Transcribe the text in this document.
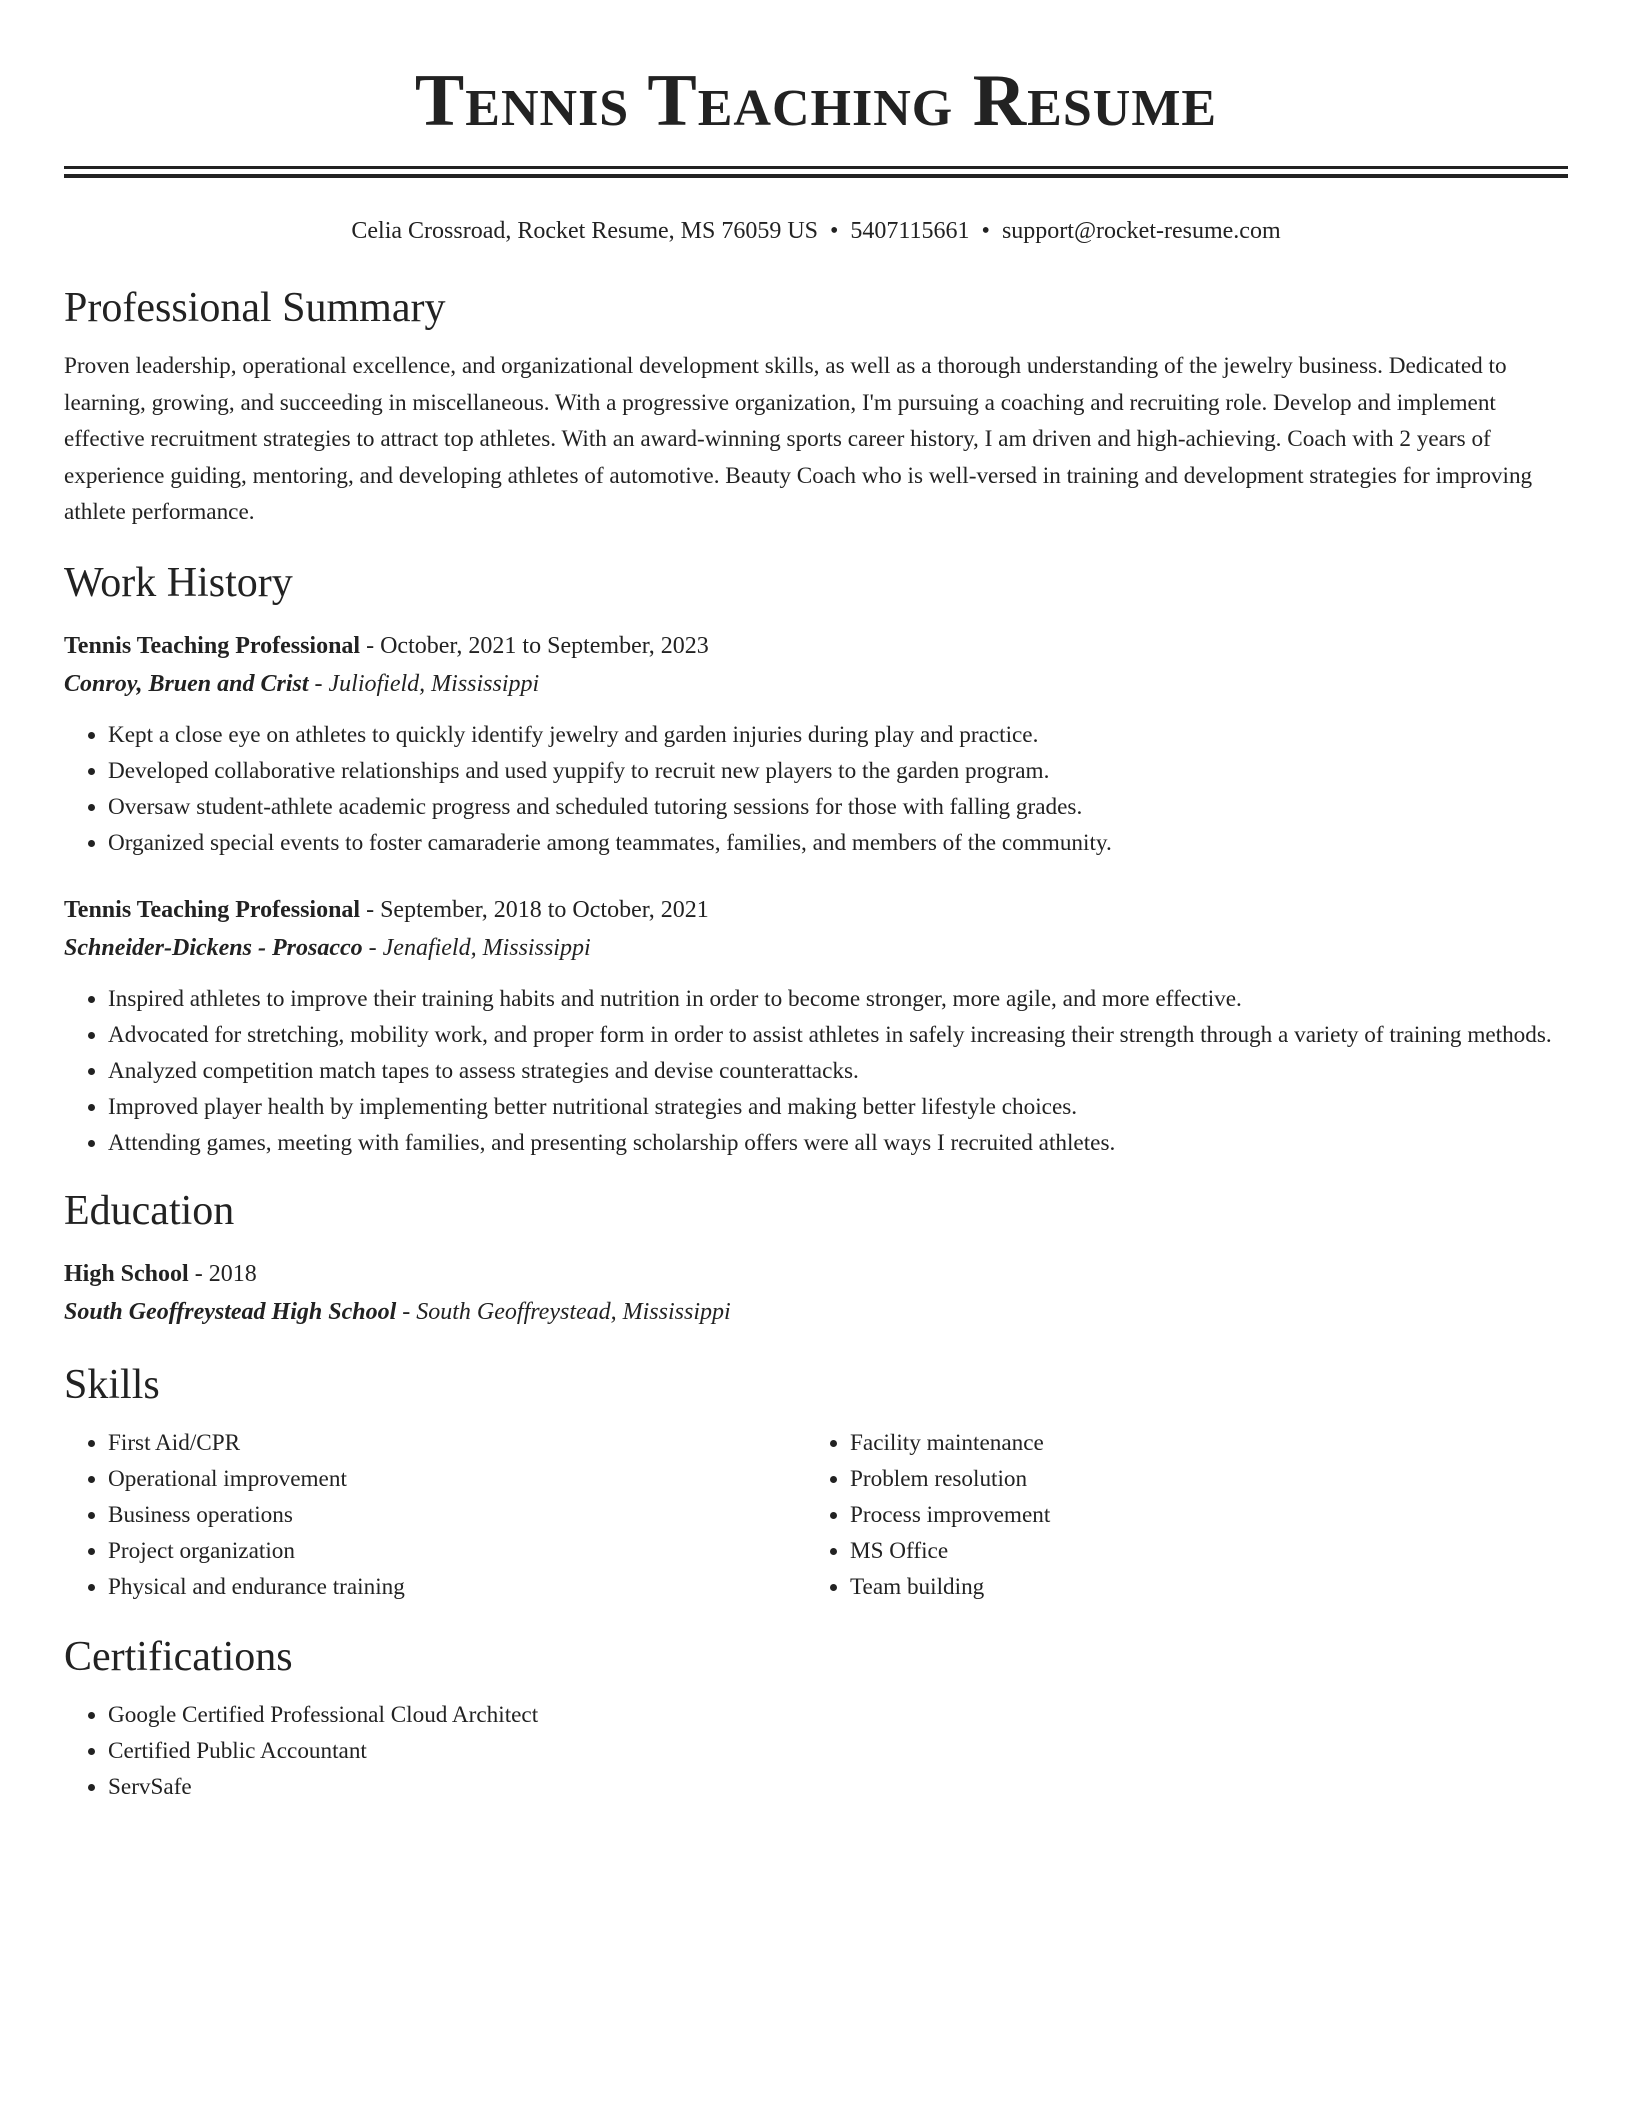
Tennis Teaching Resume
Celia Crossroad, Rocket Resume, MS 76059 US • 5407115661 • support@rocket-resume.com
Professional Summary

Proven leadership, operational excellence, and organizational development skills, as well as a thorough understanding of the jewelry business. Dedicated to learning, growing, and succeeding in miscellaneous. With a progressive organization, I'm pursuing a coaching and recruiting role. Develop and implement effective recruitment strategies to attract top athletes. With an award-winning sports career history, I am driven and high-achieving. Coach with 2 years of experience guiding, mentoring, and developing athletes of automotive. Beauty Coach who is well-versed in training and development strategies for improving athlete performance.

Work History
Tennis Teaching Professional - October, 2021 to September, 2023
Conroy, Bruen and Crist - Juliofield, Mississippi
• Kept a close eye on athletes to quickly identify jewelry and garden injuries during play and practice.
• Developed collaborative relationships and used yuppify to recruit new players to the garden program.
• Oversaw student-athlete academic progress and scheduled tutoring sessions for those with falling grades.
• Organized special events to foster camaraderie among teammates, families, and members of the community.
Tennis Teaching Professional - September, 2018 to October, 2021
Schneider-Dickens - Prosacco - Jenafield, Mississippi
• Inspired athletes to improve their training habits and nutrition in order to become stronger, more agile, and more effective.
• Advocated for stretching, mobility work, and proper form in order to assist athletes in safely increasing their strength through a variety of training methods.
• Analyzed competition match tapes to assess strategies and devise counterattacks.
• Improved player health by implementing better nutritional strategies and making better lifestyle choices.
• Attending games, meeting with families, and presenting scholarship offers were all ways I recruited athletes.
Education
High School - 2018
South Geoffreystead High School - South Geoffreystead, Mississippi
Skills
• First Aid/CPR
• Operational improvement
• Business operations
• Project organization
• Physical and endurance training
• Facility maintenance
• Problem resolution
• Process improvement
• MS Office
• Team building
Certifications
• Google Certified Professional Cloud Architect
• Certified Public Accountant
• ServSafe
